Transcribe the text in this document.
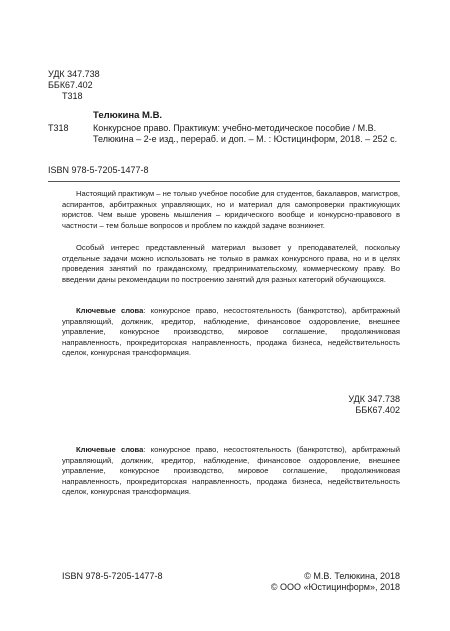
УДК 347.738
ББК67.402
Т318
Телюкина М.В.
Т318	Конкурсное право. Практикум: учебно-методическое пособие / М.В.
Телюкина – 2-е изд., перераб. и доп. – М. : Юстицинформ, 2018. – 252 с.
ISBN 978-5-7205-1477-8
Настоящий практикум – не только учебное пособие для студентов, бакалавров, магистров, аспирантов, арбитражных управляющих, но и материал для самопроверки практикующих юристов. Чем выше уровень мышления – юридического вообще и конкурсно-правового в частности – тем больше вопросов и проблем по каждой задаче возникнет.
Особый интерес представленный материал вызовет у преподавателей, поскольку отдельные задачи можно использовать не только в рамках конкурсного права, но и в целях проведения занятий по гражданскому, предпринимательскому, коммерческому праву. Во введении даны рекомендации по построению занятий для разных категорий обучающихся.
Ключевые слова: конкурсное право, несостоятельность (банкротство), арбитражный управляющий, должник, кредитор, наблюдение, финансовое оздоровление, внешнее управление, конкурсное производство, мировое соглашение, продолжниковая направленность, прокредиторская направленность, продажа бизнеса, недействительность сделок, конкурсная трансформация.
УДК 347.738
ББК67.402
Ключевые слова: конкурсное право, несостоятельность (банкротство), арбитражный управляющий, должник, кредитор, наблюдение, финансовое оздоровление, внешнее управление, конкурсное производство, мировое соглашение, продолжниковая направленность, прокредиторская направленность, продажа бизнеса, недействительность сделок, конкурсная трансформация.
ISBN 978-5-7205-1477-8	© М.В. Телюкина, 2018
© ООО «Юстицинформ», 2018
